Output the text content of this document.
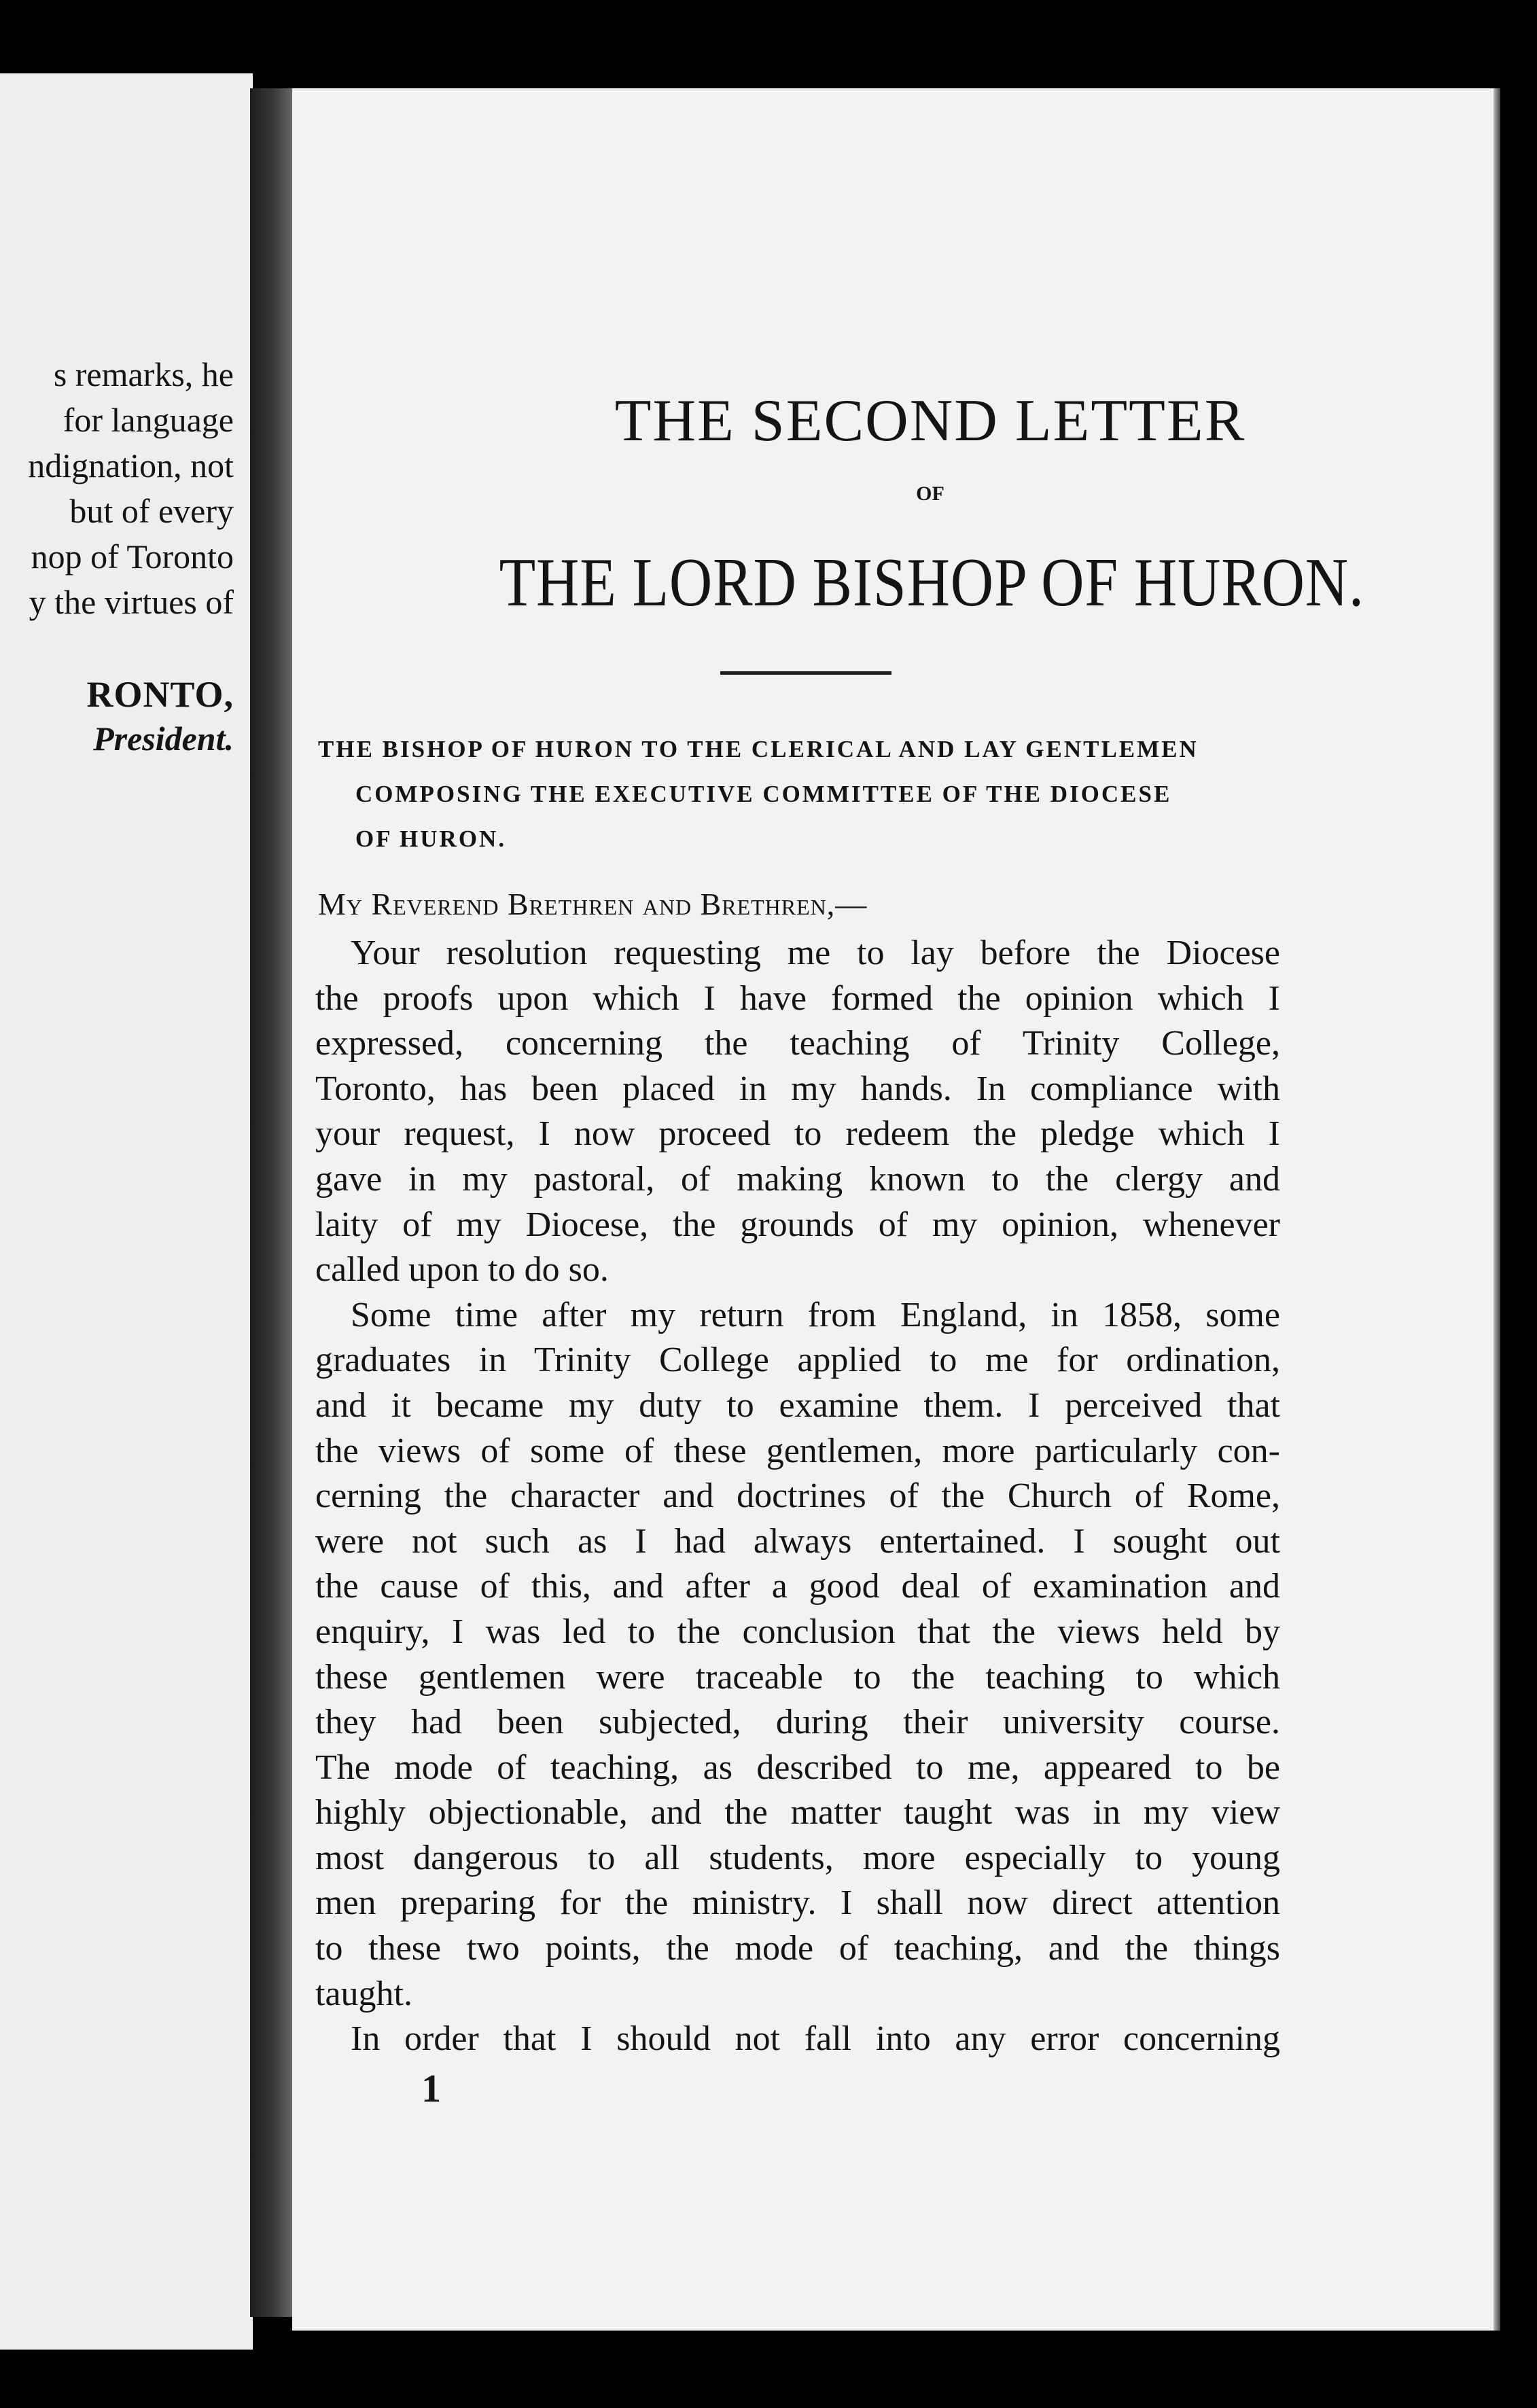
s remarks, he
for language
ndignation, not
but of every
nop of Toronto
y the virtues of
RONTO,
President.
THE SECOND LETTER
OF
THE LORD BISHOP OF HURON.
THE BISHOP OF HURON TO THE CLERICAL AND LAY GENTLEMEN
COMPOSING THE EXECUTIVE COMMITTEE OF THE DIOCESE
OF HURON.
My Reverend Brethren and Brethren,—
Your resolution requesting me to lay before the Diocese
the proofs upon which I have formed the opinion which I
expressed, concerning the teaching of Trinity College,
Toronto, has been placed in my hands. In compliance with
your request, I now proceed to redeem the pledge which I
gave in my pastoral, of making known to the clergy and
laity of my Diocese, the grounds of my opinion, whenever
called upon to do so.
Some time after my return from England, in 1858, some
graduates in Trinity College applied to me for ordination,
and it became my duty to examine them. I perceived that
the views of some of these gentlemen, more particularly con-
cerning the character and doctrines of the Church of Rome,
were not such as I had always entertained. I sought out
the cause of this, and after a good deal of examination and
enquiry, I was led to the conclusion that the views held by
these gentlemen were traceable to the teaching to which
they had been subjected, during their university course.
The mode of teaching, as described to me, appeared to be
highly objectionable, and the matter taught was in my view
most dangerous to all students, more especially to young
men preparing for the ministry. I shall now direct attention
to these two points, the mode of teaching, and the things
taught.
In order that I should not fall into any error concerning
1
